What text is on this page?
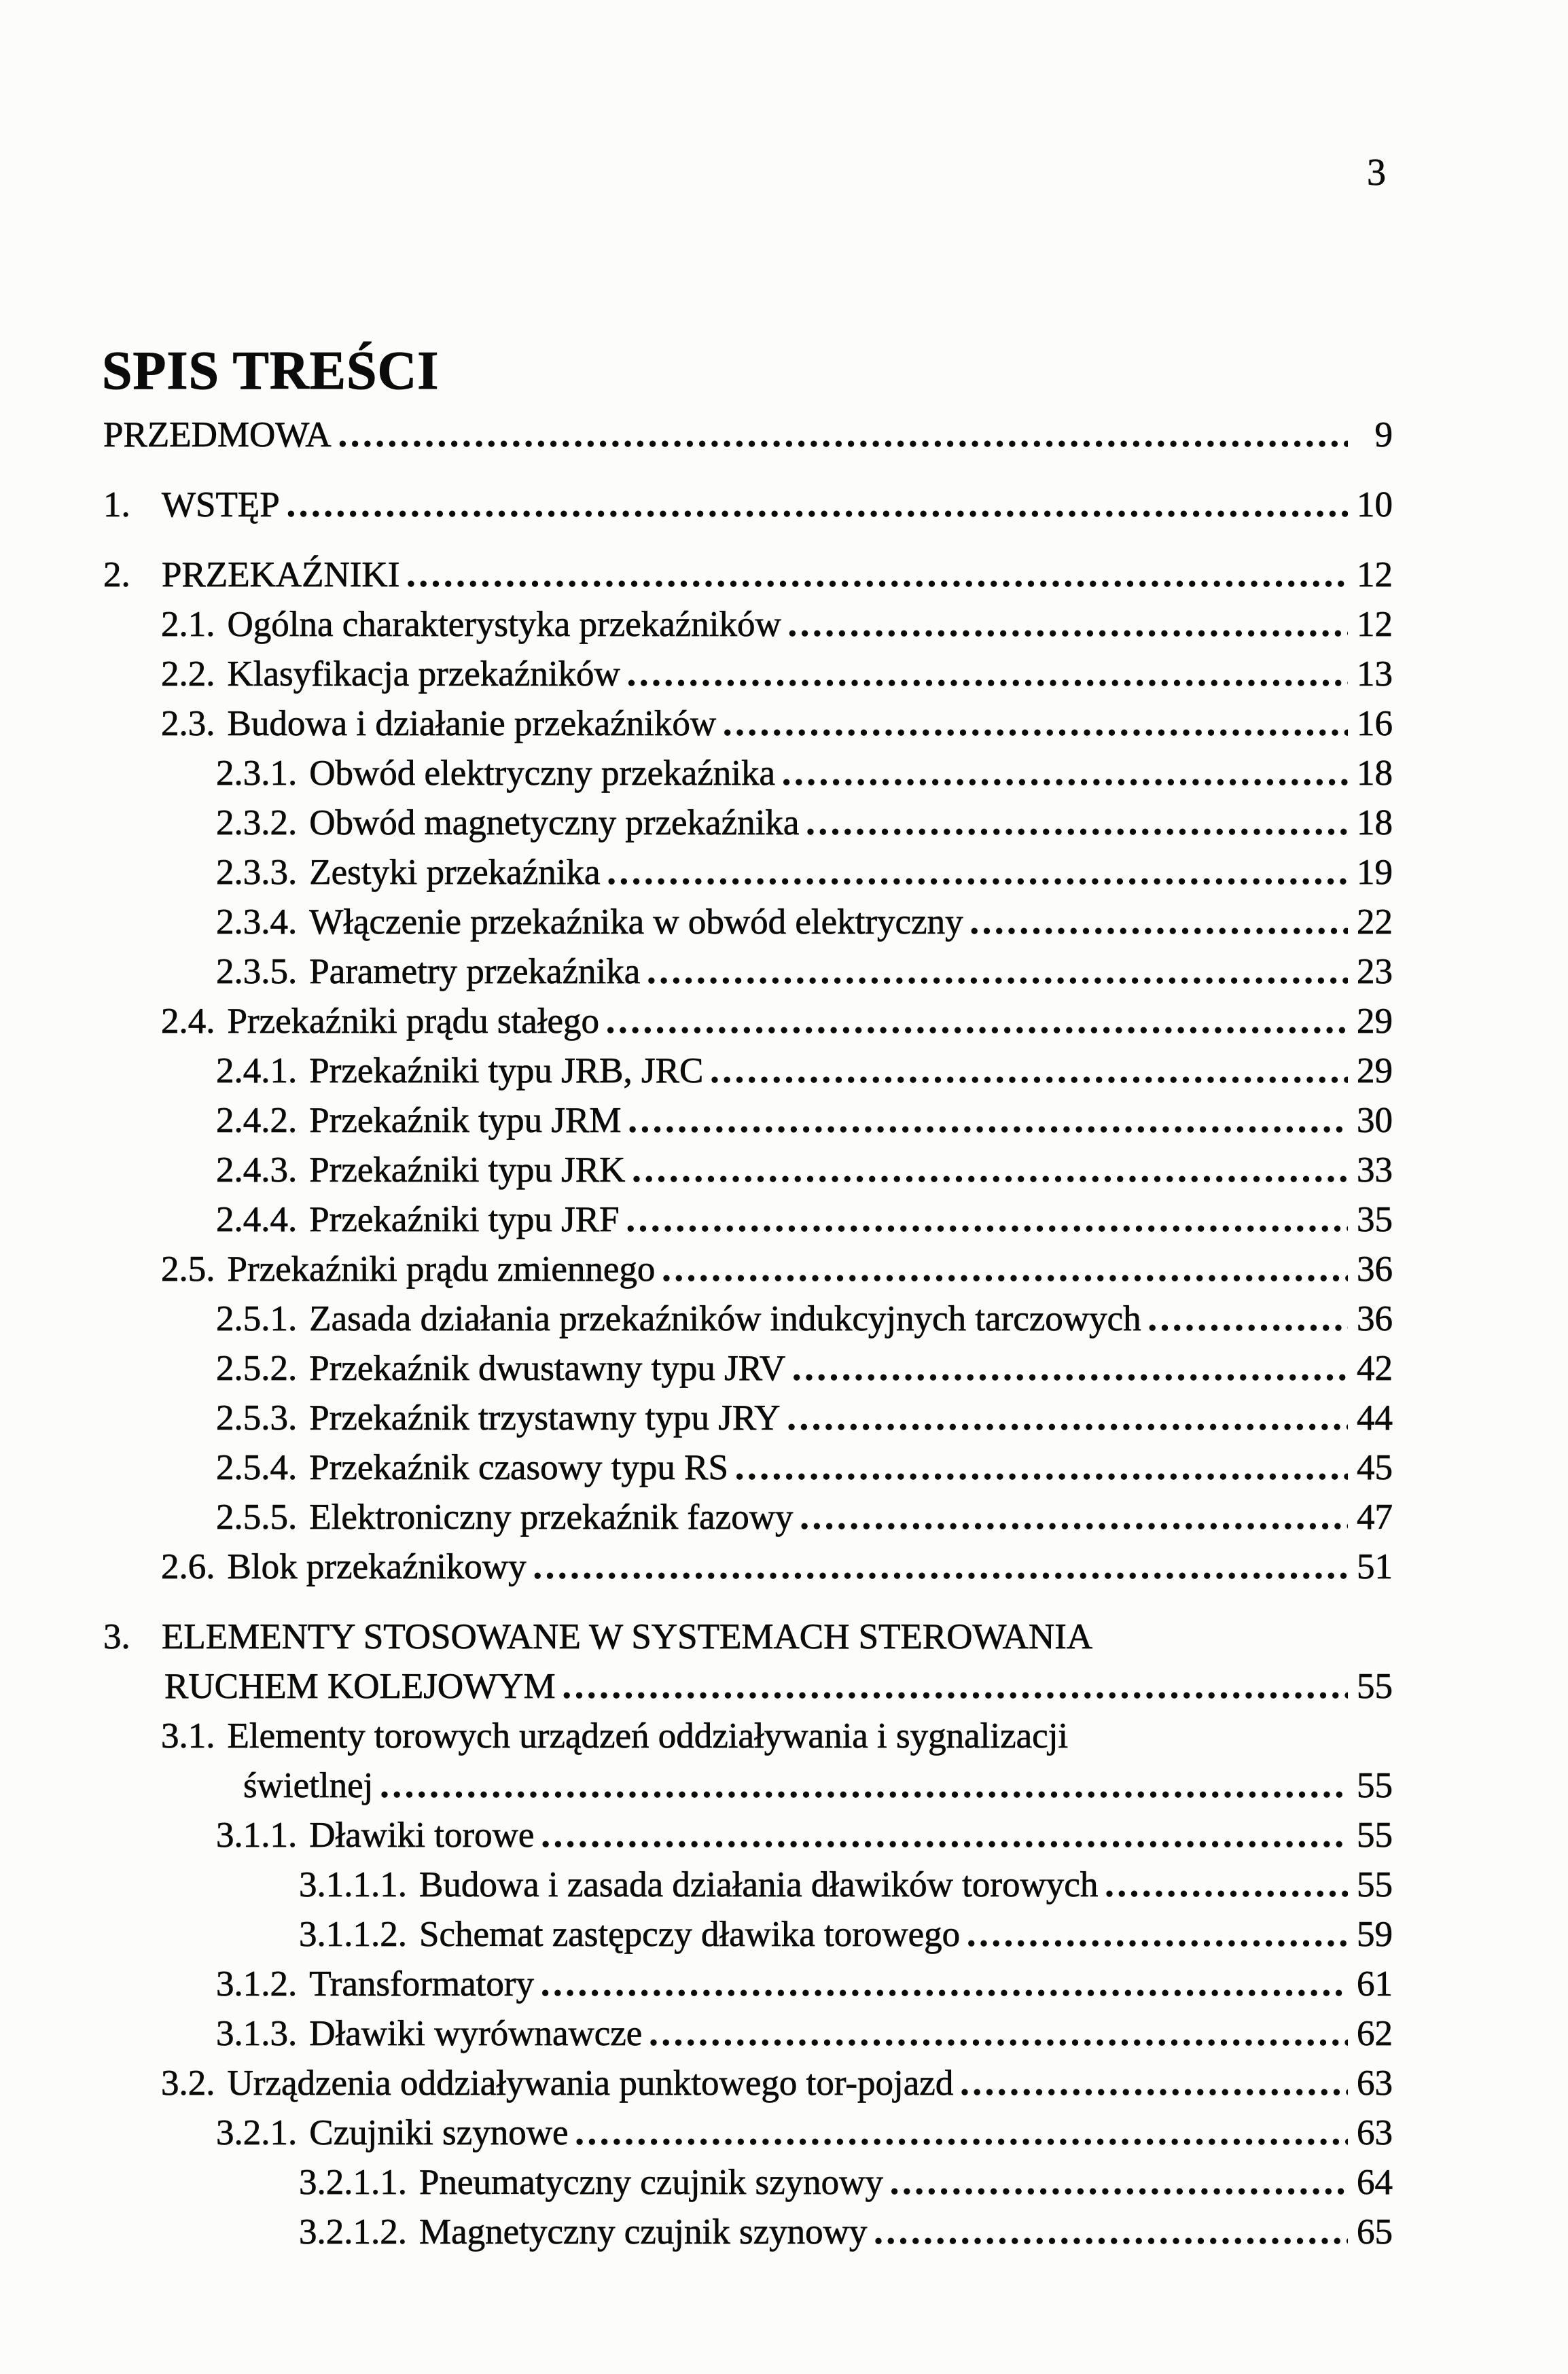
3
SPIS TREŚCI
PRZEDMOWA .....	9
1. WSTĘP .....	10
2. PRZEKAŹNIKI .....	12
2.1. Ogólna charakterystyka przekaźników .....	12
2.2. Klasyfikacja przekaźników .....	13
2.3. Budowa i działanie przekaźników .....	16
2.3.1. Obwód elektryczny przekaźnika .....	18
2.3.2. Obwód magnetyczny przekaźnika .....	18
2.3.3. Zestyki przekaźnika .....	19
2.3.4. Włączenie przekaźnika w obwód elektryczny .....	22
2.3.5. Parametry przekaźnika .....	23
2.4. Przekaźniki prądu stałego .....	29
2.4.1. Przekaźniki typu JRB, JRC .....	29
2.4.2. Przekaźnik typu JRM .....	30
2.4.3. Przekaźniki typu JRK .....	33
2.4.4. Przekaźniki typu JRF .....	35
2.5. Przekaźniki prądu zmiennego .....	36
2.5.1. Zasada działania przekaźników indukcyjnych tarczowych .....	36
2.5.2. Przekaźnik dwustawny typu JRV .....	42
2.5.3. Przekaźnik trzystawny typu JRY .....	44
2.5.4. Przekaźnik czasowy typu RS .....	45
2.5.5. Elektroniczny przekaźnik fazowy .....	47
2.6. Blok przekaźnikowy .....	51
3. ELEMENTY STOSOWANE W SYSTEMACH STEROWANIA
RUCHEM KOLEJOWYM .....	55
3.1. Elementy torowych urządzeń oddziaływania i sygnalizacji
świetlnej .....	55
3.1.1. Dławiki torowe .....	55
3.1.1.1. Budowa i zasada działania dławików torowych .....	55
3.1.1.2. Schemat zastępczy dławika torowego .....	59
3.1.2. Transformatory .....	61
3.1.3. Dławiki wyrównawcze .....	62
3.2. Urządzenia oddziaływania punktowego tor-pojazd .....	63
3.2.1. Czujniki szynowe .....	63
3.2.1.1. Pneumatyczny czujnik szynowy .....	64
3.2.1.2. Magnetyczny czujnik szynowy .....	65
